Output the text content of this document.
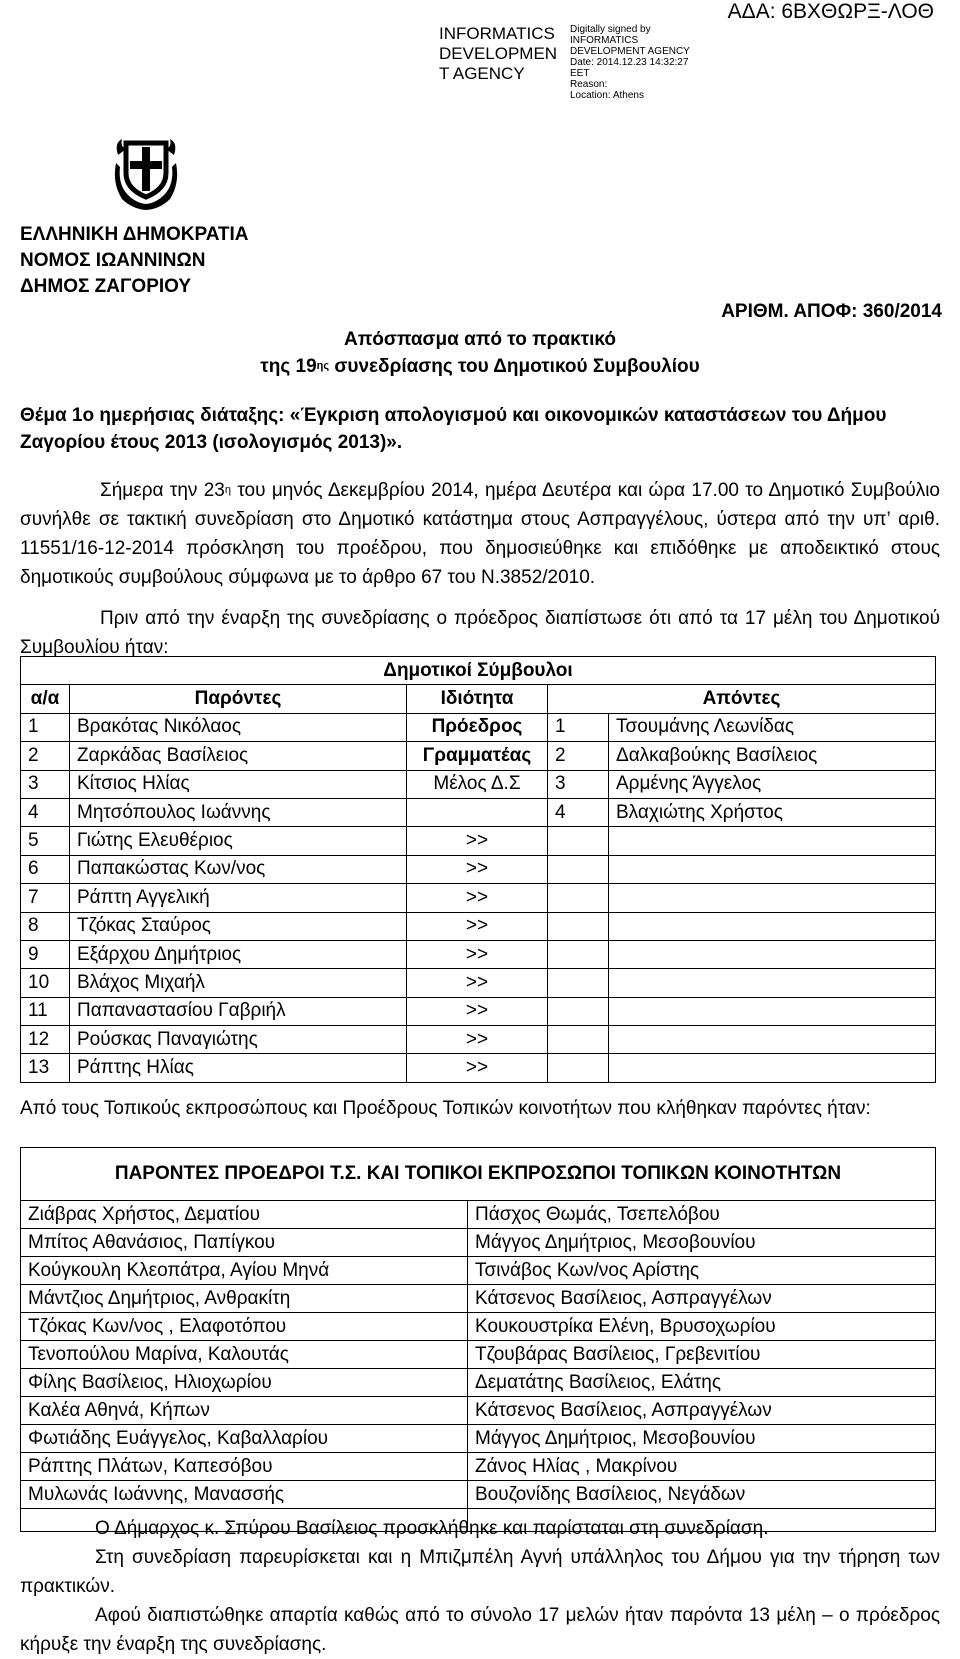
ΑΔΑ: 6ΒΧΘΩΡΞ-ΛΟΘ
INFORMATICS
DEVELOPMEN
T AGENCY
Digitally signed by
INFORMATICS
DEVELOPMENT AGENCY
Date: 2014.12.23 14:32:27
EET
Reason:
Location: Athens
ΕΛΛΗΝΙΚΗ ΔΗΜΟΚΡΑΤΙΑ
ΝΟΜΟΣ ΙΩΑΝΝΙΝΩΝ
ΔΗΜΟΣ ΖΑΓΟΡΙΟΥ
ΑΡΙΘΜ. ΑΠΟΦ: 360/2014
Απόσπασμα από το πρακτικό
της $19^{\eta\varsigma}$ συνεδρίασης του Δημοτικού Συμβουλίου
Θέμα 1ο ημερήσιας διάταξης: «Έγκριση απολογισμού και οικονομικών καταστάσεων του Δήμου Ζαγορίου έτους 2013 (ισολογισμός 2013)».
Σήμερα την $23^\eta$ του μηνός Δεκεμβρίου 2014, ημέρα Δευτέρα και ώρα 17.00 το Δημοτικό Συμβούλιο συνήλθε σε τακτική συνεδρίαση στο Δημοτικό κατάστημα στους Ασπραγγέλους, ύστερα από την υπ’ αριθ. 11551/16-12-2014 πρόσκληση του προέδρου, που δημοσιεύθηκε και επιδόθηκε με αποδεικτικό στους δημοτικούς συμβούλους σύμφωνα με το άρθρο 67 του Ν.3852/2010.
Πριν από την έναρξη της συνεδρίασης ο πρόεδρος διαπίστωσε ότι από τα 17 μέλη του Δημοτικού Συμβουλίου ήταν:
Δημοτικοί Σύμβουλοι				
α/α	Παρόντες	Ιδιότητα	Απόντες	
1	Βρακότας Νικόλαος	Πρόεδρος	1	Τσουμάνης Λεωνίδας
2	Ζαρκάδας Βασίλειος	Γραμματέας	2	Δαλκαβούκης Βασίλειος
3	Κίτσιος Ηλίας	Μέλος Δ.Σ	3	Αρμένης Άγγελος
4	Μητσόπουλος Ιωάννης		4	Βλαχιώτης Χρήστος
5	Γιώτης Ελευθέριος	>>		
6	Παπακώστας Κων/νος	>>		
7	Ράπτη Αγγελική	>>		
8	Τζόκας Σταύρος	>>		
9	Εξάρχου Δημήτριος	>>		
10	Βλάχος Μιχαήλ	>>		
11	Παπαναστασίου Γαβριήλ	>>		
12	Ρούσκας Παναγιώτης	>>		
13	Ράπτης Ηλίας	>>		
Από τους Τοπικούς εκπροσώπους και Προέδρους Τοπικών κοινοτήτων που κλήθηκαν παρόντες ήταν:
ΠΑΡΟΝΤΕΣ ΠΡΟΕΔΡΟΙ Τ.Σ. ΚΑΙ ΤΟΠΙΚΟΙ ΕΚΠΡΟΣΩΠΟΙ ΤΟΠΙΚΩΝ ΚΟΙΝΟΤΗΤΩΝ	
Ζιάβρας Χρήστος, Δεματίου	Πάσχος Θωμάς, Τσεπελόβου
Μπίτος Αθανάσιος, Παπίγκου	Μάγγος Δημήτριος, Μεσοβουνίου
Κούγκουλη Κλεοπάτρα, Αγίου Μηνά	Τσινάβος Κων/νος Αρίστης
Μάντζιος Δημήτριος, Ανθρακίτη	Κάτσενος Βασίλειος, Ασπραγγέλων
Τζόκας Κων/νος , Ελαφοτόπου	Κουκουστρίκα Ελένη, Βρυσοχωρίου
Τενοπούλου Μαρίνα, Καλουτάς	Τζουβάρας Βασίλειος, Γρεβενιτίου
Φίλης Βασίλειος, Ηλιοχωρίου	Δεματάτης Βασίλειος, Ελάτης
Καλέα Αθηνά, Κήπων	Κάτσενος Βασίλειος, Ασπραγγέλων
Φωτιάδης Ευάγγελος, Καβαλλαρίου	Μάγγος Δημήτριος, Μεσοβουνίου
Ράπτης Πλάτων, Καπεσόβου	Ζάνος Ηλίας , Μακρίνου
Μυλωνάς Ιωάννης, Μανασσής	Βουζονίδης Βασίλειος, Νεγάδων

Ο Δήμαρχος κ. Σπύρου Βασίλειος προσκλήθηκε και παρίσταται στη συνεδρίαση.
Στη συνεδρίαση παρευρίσκεται και η Μπιζμπέλη Αγνή υπάλληλος του Δήμου για την τήρηση των πρακτικών.
Αφού διαπιστώθηκε απαρτία καθώς από το σύνολο 17 μελών ήταν παρόντα 13 μέλη – ο πρόεδρος κήρυξε την έναρξη της συνεδρίασης.
